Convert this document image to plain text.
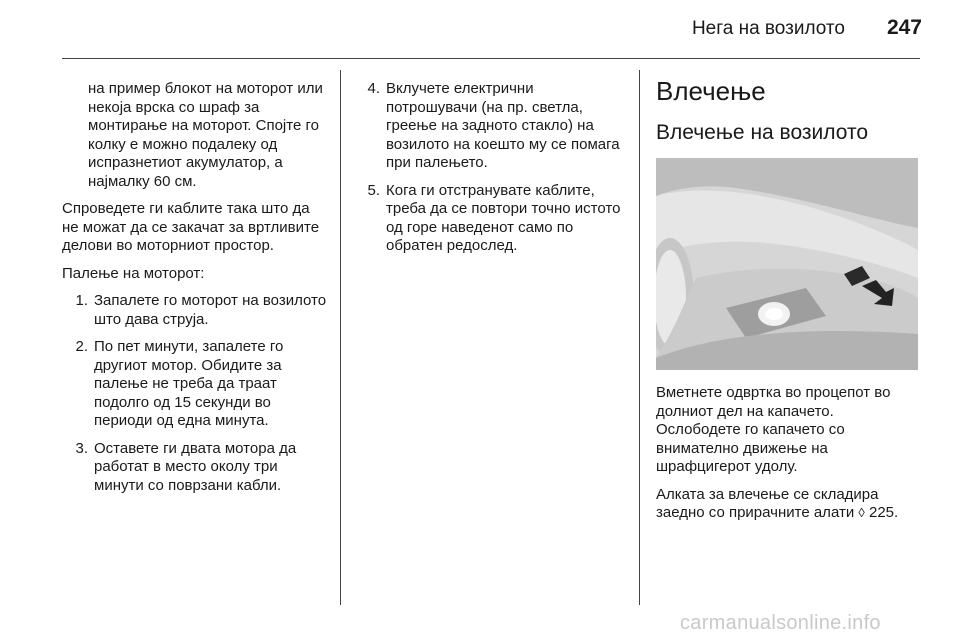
Нега на возилото 247

на пример блокот на моторот или некоја врска со шраф за монтирање на моторот. Спојте го колку е можно подалеку од испразнетиот акумулатор, а најмалку 60 см.

Спроведете ги каблите така што да не можат да се закачат за вртливите делови во моторниот простор.

Палење на моторот:

1. Запалете го моторот на возилото што дава струја.
2. По пет минути, запалете го другиот мотор. Обидите за палење не треба да траат подолго од 15 секунди во периоди од една минута.
3. Оставете ги двата мотора да работат в место околу три минути со поврзани кабли.
4. Вклучете електрични потрошувачи (на пр. светла, греење на задното стакло) на возилото на коешто му се помага при палењето.
5. Кога ги отстранувате каблите, треба да се повтори точно истото од горе наведенот само по обратен редослед.
Влечење
Влечење на возилото

Вметнете одвртка во процепот во долниот дел на капачето. Ослободете го капачето со внимателно движење на шрафцигерот удолу.

Алката за влечење се складира заедно со прирачните алати ◊ 225.

carmanualsonline.info
